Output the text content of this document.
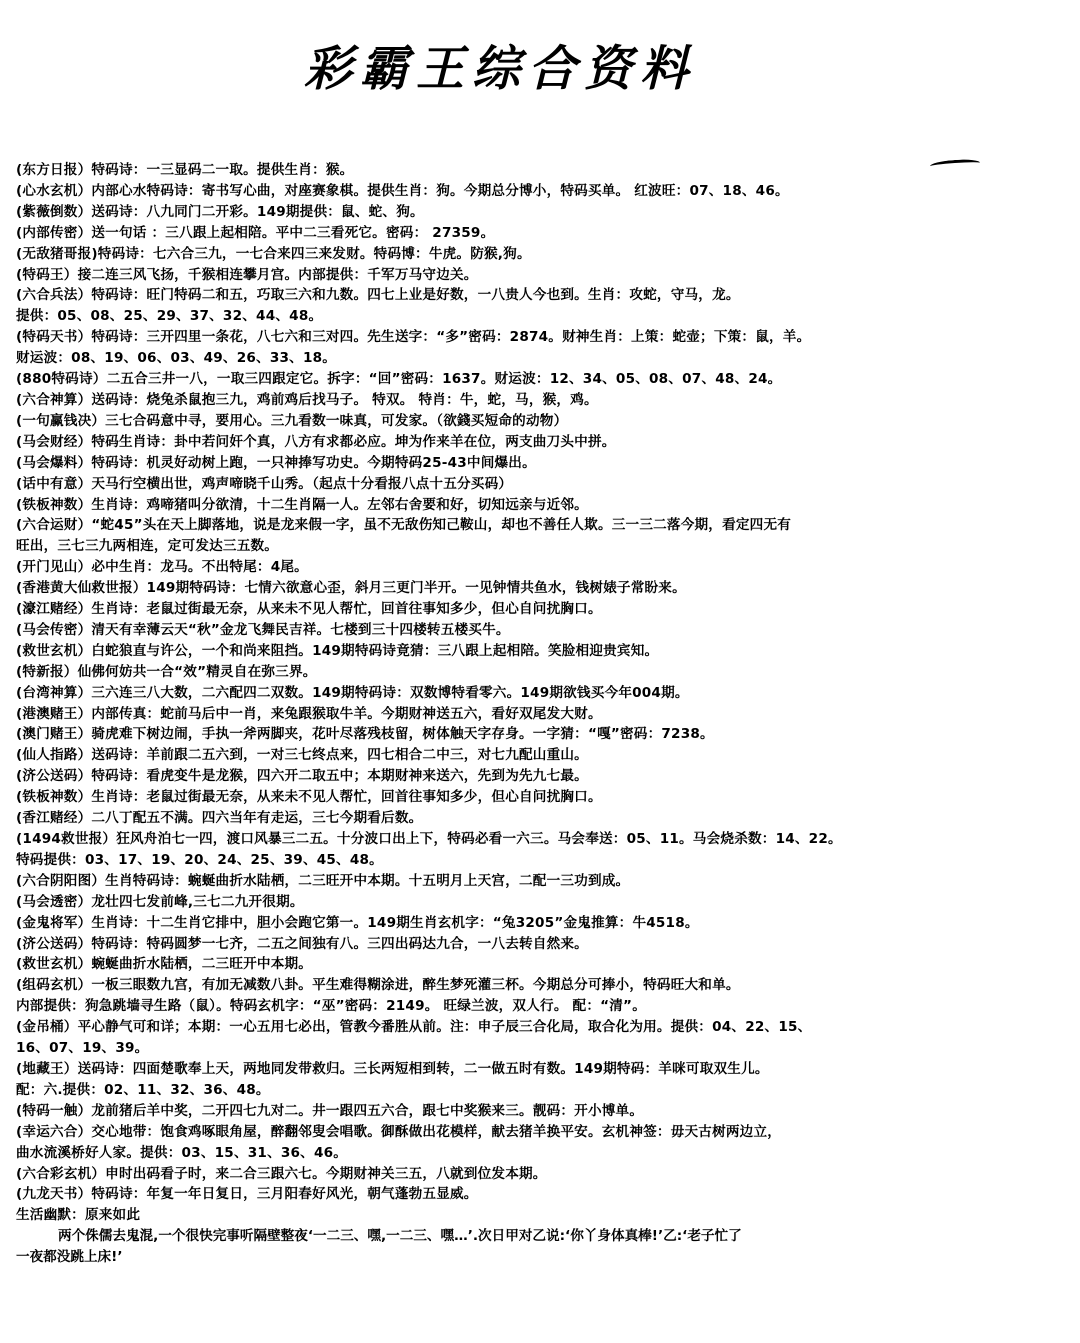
彩霸王综合资料
(东方日报）特码诗：一三显码二一取。提供生肖：猴。
(心水玄机）内部心水特码诗：寄书写心曲，对座赛象棋。提供生肖：狗。今期总分博小，特码买单。 红波旺：07、18、46。
(紫薇倒数）送码诗：八九同门二开彩。149期提供：鼠、蛇、狗。
(内部传密）送一句话 ：三八跟上起相陪。平中二三看死它。密码： 27359。
(无敌猪哥报)特码诗：七六合三九，一七合来四三来发财。特码博：牛虎。防猴,狗。
(特码王）接二连三风飞扬，千猴相连攀月宫。内部提供：千军万马守边关。
(六合兵法）特码诗：旺门特码二和五，巧取三六和九数。四七上业是好数，一八贵人今也到。生肖：攻蛇，守马，龙。
提供：05、08、25、29、37、32、44、48。
(特码天书）特码诗：三开四里一条花，八七六和三对四。先生送字：“多”密码：2874。财神生肖：上策：蛇壶；下策：鼠，羊。
财运波：08、19、06、03、49、26、33、18。
(880特码诗）二五合三井一八，一取三四跟定它。拆字：“回”密码：1637。财运波：12、34、05、08、07、48、24。
(六合神算）送码诗：烧兔杀鼠抱三九，鸡前鸡后找马子。 特双。 特肖：牛，蛇，马，猴，鸡。
(一句赢钱决）三七合码意中寻，要用心。三九看数一味真，可发家。（欲錢买短命的动物）
(马会财经）特码生肖诗：卦中若问奸个真，八方有求都必应。坤为作来羊在位，两支曲刀头中拼。
(马会爆料）特码诗：机灵好动树上跑，一只神捧写功史。今期特码25-43中间爆出。
(话中有意）天马行空横出世，鸡声啼晓千山秀。（起点十分看报八点十五分买码）
(铁板神数）生肖诗：鸡啼猪叫分欲清，十二生肖隔一人。左邻右舍要和好，切知远亲与近邻。
(六合运财）“蛇45”头在天上脚落地，说是龙来假一字，虽不无敌伤知己鞍山，却也不善任人欺。三一三二落今期，看定四无有
旺出，三七三九两相连，定可发达三五数。
(开门见山）必中生肖：龙马。不出特尾：4尾。
(香港黄大仙救世报）149期特码诗：七情六欲意心歪，斜月三更门半开。一见钟情共鱼水，钱树婊子常盼来。
(濠江赌经）生肖诗：老鼠过街最无奈，从来未不见人帮忙，回首往事知多少，但心自问扰胸口。
(马会传密）清天有幸薄云天“秋”金龙飞舞民吉祥。七楼到三十四楼转五楼买牛。
(救世玄机）白蛇狼直与许公，一个和尚来阻挡。149期特码诗竟猜：三八跟上起相陪。笑脸相迎贵宾知。
(特新报）仙佛何妨共一合“效”精灵自在弥三界。
(台湾神算）三六连三八大数，二六配四二双数。149期特码诗：双数博特看零六。149期欲钱买今年004期。
(港澳赌王）内部传真：蛇前马后中一肖，来兔跟猴取牛羊。今期财神送五六，看好双尾发大财。
(澳门赌王）骑虎难下树边闹，手执一斧两脚夹，花叶尽落残枝留，树体触天字存身。一字猜：“嘎”密码：7238。
(仙人指路）送码诗：羊前跟二五六到，一对三七终点来，四七相合二中三，对七九配山重山。
(济公送码）特码诗：看虎变牛是龙猴，四六开二取五中；本期财神来送六，先到为先九七最。
(铁板神数）生肖诗：老鼠过街最无奈，从来未不见人帮忙，回首往事知多少，但心自问扰胸口。
(香江赌经）二八丁配五不满。四六当年有走运，三七今期看后数。
(1494救世报）狂风舟泊七一四，渡口风暴三二五。十分波口出上下，特码必看一六三。马会奉送：05、11。马会烧杀数：14、22。
特码提供：03、17、19、20、24、25、39、45、48。
(六合阴阳图）生肖特码诗：蜿蜒曲折水陆栖，二三旺开中本期。十五明月上天宫，二配一三功到成。
(马会透密）龙壮四七发前峰,三七二九开很期。
(金鬼将军）生肖诗：十二生肖它排中，胆小会跑它第一。149期生肖玄机字：“兔3205”金鬼推算：牛4518。
(济公送码）特码诗：特码圆梦一七齐，二五之间独有八。三四出码达九合，一八去转自然来。
(救世玄机）蜿蜒曲折水陆栖，二三旺开中本期。
(组码玄机）一板三眼数九宫，有加无减数八卦。平生难得糊涂进，醉生梦死灌三杯。今期总分可捧小，特码旺大和单。
内部提供：狗急跳墙寻生路（鼠）。特码玄机字：“巫”密码：2149。 旺绿兰波，双人行。 配：“清”。
(金吊桶）平心静气可和详；本期：一心五用七必出，管教今番胜从前。注：申子辰三合化局，取合化为用。提供：04、22、15、
16、07、19、39。
(地藏王）送码诗：四面楚歌奉上天，两地同发带救归。三长两短相到转，二一做五时有数。149期特码：羊咪可取双生儿。
配：六.提供：02、11、32、36、48。
(特码一触）龙前猪后羊中奖，二开四七九对二。井一跟四五六合，跟七中奖猴来三。靓码：开小博单。
(幸运六合）交心地带：饱食鸡啄眼角屋，醉翻邻叟会唱歌。御酥做出花模样，献去猪羊换平安。玄机神签：毋天古树两边立，
曲水流溪桥好人家。提供：03、15、31、36、46。
(六合彩玄机）申时出码看子时，来二合三跟六七。今期财神关三五，八就到位发本期。
(九龙天书）特码诗：年复一年日复日，三月阳春好风光，朝气蓬勃五显威。
生活幽默：原来如此
两个侏儒去鬼混,一个很快完事听隔壁整夜‘一二三、嘿,一二三、嘿…’.次日甲对乙说:‘你丫身体真棒!’乙:‘老子忙了
一夜都没跳上床!’
